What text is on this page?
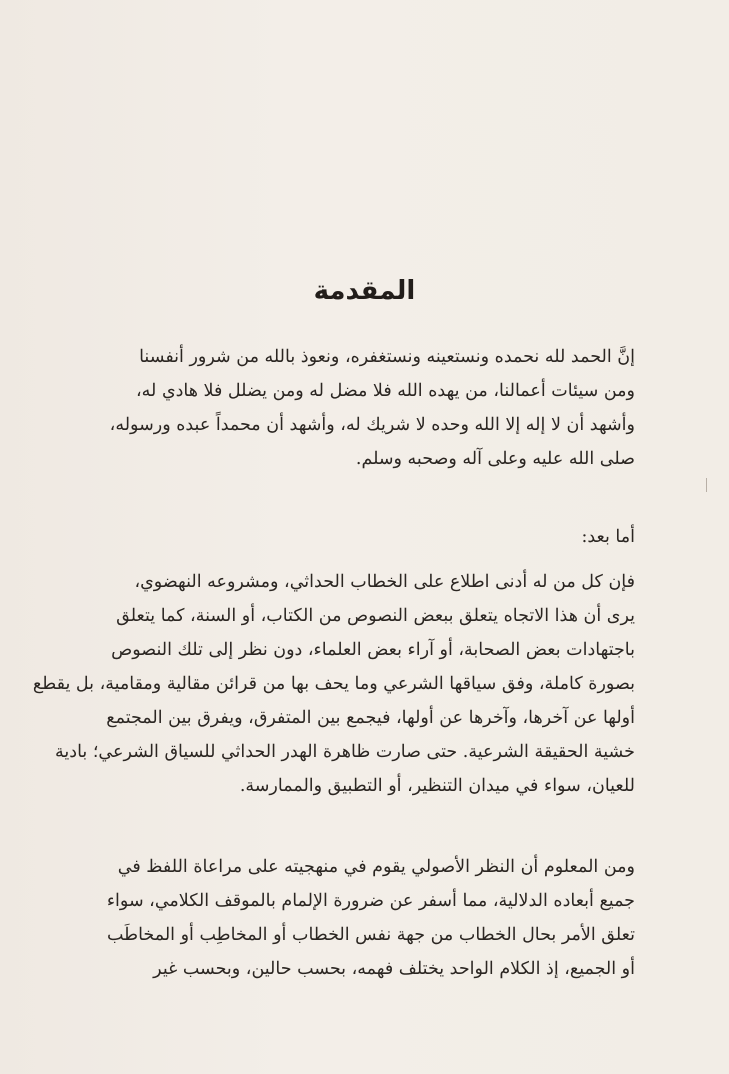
المقدمة
إنَّ الحمد لله نحمده ونستعينه ونستغفره، ونعوذ بالله من شرور أنفسنا
ومن سيئات أعمالنا، من يهده الله فلا مضل له ومن يضلل فلا هادي له،
وأشهد أن لا إله إلا الله وحده لا شريك له، وأشهد أن محمداً عبده ورسوله،
صلى الله عليه وعلى آله وصحبه وسلم.
أما بعد:
فإن كل من له أدنى اطلاع على الخطاب الحداثي، ومشروعه النهضوي،
يرى أن هذا الاتجاه يتعلق ببعض النصوص من الكتاب، أو السنة، كما يتعلق
باجتهادات بعض الصحابة، أو آراء بعض العلماء، دون نظر إلى تلك النصوص
بصورة كاملة، وفق سياقها الشرعي وما يحف بها من قرائن مقالية ومقامية، بل يقطع
أولها عن آخرها، وآخرها عن أولها، فيجمع بين المتفرق، ويفرق بين المجتمع
خشية الحقيقة الشرعية. حتى صارت ظاهرة الهدر الحداثي للسياق الشرعي؛ بادية
للعيان، سواء في ميدان التنظير، أو التطبيق والممارسة.
ومن المعلوم أن النظر الأصولي يقوم في منهجيته على مراعاة اللفظ في
جميع أبعاده الدلالية، مما أسفر عن ضرورة الإلمام بالموقف الكلامي، سواء
تعلق الأمر بحال الخطاب من جهة نفس الخطاب أو المخاطِب أو المخاطَب
أو الجميع، إذ الكلام الواحد يختلف فهمه، بحسب حالين، وبحسب غير
